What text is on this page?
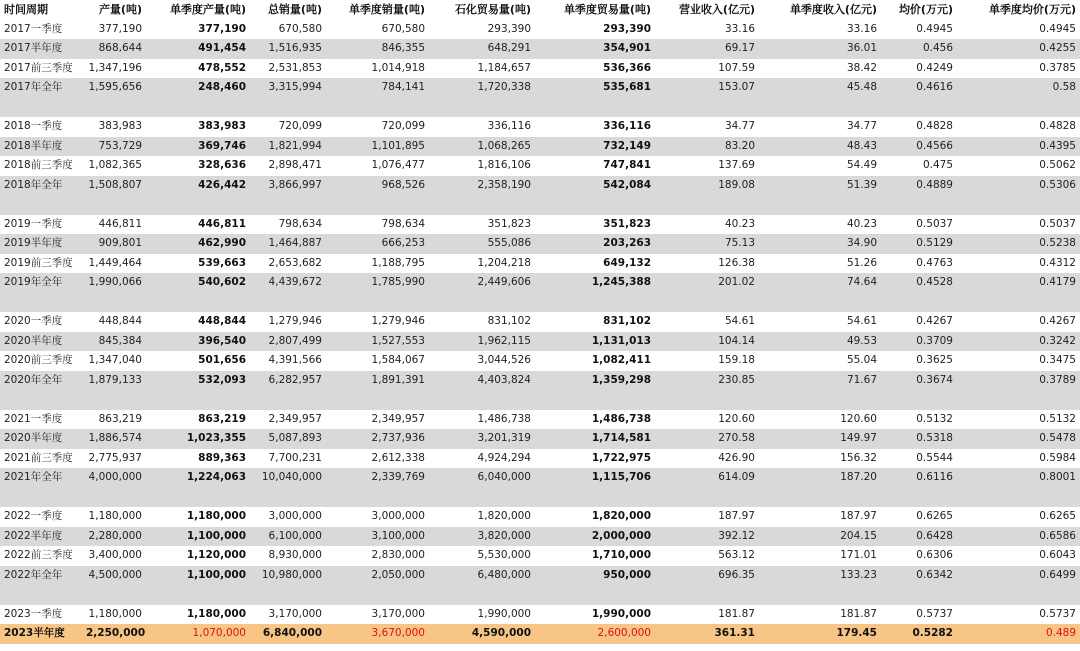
时间周期	产量(吨)	单季度产量(吨)	总销量(吨)	单季度销量(吨)	石化贸易量(吨)	单季度贸易量(吨)	营业收入(亿元)	单季度收入(亿元)	均价(万元)	单季度均价(万元)
2017一季度	377,190	377,190	670,580	670,580	293,390	293,390	33.16	33.16	0.4945	0.4945
2017半年度	868,644	491,454	1,516,935	846,355	648,291	354,901	69.17	36.01	0.456	0.4255
2017前三季度	1,347,196	478,552	2,531,853	1,014,918	1,184,657	536,366	107.59	38.42	0.4249	0.3785
2017年全年	1,595,656	248,460	3,315,994	784,141	1,720,338	535,681	153.07	45.48	0.4616	0.58

2018一季度	383,983	383,983	720,099	720,099	336,116	336,116	34.77	34.77	0.4828	0.4828
2018半年度	753,729	369,746	1,821,994	1,101,895	1,068,265	732,149	83.20	48.43	0.4566	0.4395
2018前三季度	1,082,365	328,636	2,898,471	1,076,477	1,816,106	747,841	137.69	54.49	0.475	0.5062
2018年全年	1,508,807	426,442	3,866,997	968,526	2,358,190	542,084	189.08	51.39	0.4889	0.5306

2019一季度	446,811	446,811	798,634	798,634	351,823	351,823	40.23	40.23	0.5037	0.5037
2019半年度	909,801	462,990	1,464,887	666,253	555,086	203,263	75.13	34.90	0.5129	0.5238
2019前三季度	1,449,464	539,663	2,653,682	1,188,795	1,204,218	649,132	126.38	51.26	0.4763	0.4312
2019年全年	1,990,066	540,602	4,439,672	1,785,990	2,449,606	1,245,388	201.02	74.64	0.4528	0.4179

2020一季度	448,844	448,844	1,279,946	1,279,946	831,102	831,102	54.61	54.61	0.4267	0.4267
2020半年度	845,384	396,540	2,807,499	1,527,553	1,962,115	1,131,013	104.14	49.53	0.3709	0.3242
2020前三季度	1,347,040	501,656	4,391,566	1,584,067	3,044,526	1,082,411	159.18	55.04	0.3625	0.3475
2020年全年	1,879,133	532,093	6,282,957	1,891,391	4,403,824	1,359,298	230.85	71.67	0.3674	0.3789

2021一季度	863,219	863,219	2,349,957	2,349,957	1,486,738	1,486,738	120.60	120.60	0.5132	0.5132
2020半年度	1,886,574	1,023,355	5,087,893	2,737,936	3,201,319	1,714,581	270.58	149.97	0.5318	0.5478
2021前三季度	2,775,937	889,363	7,700,231	2,612,338	4,924,294	1,722,975	426.90	156.32	0.5544	0.5984
2021年全年	4,000,000	1,224,063	10,040,000	2,339,769	6,040,000	1,115,706	614.09	187.20	0.6116	0.8001

2022一季度	1,180,000	1,180,000	3,000,000	3,000,000	1,820,000	1,820,000	187.97	187.97	0.6265	0.6265
2022半年度	2,280,000	1,100,000	6,100,000	3,100,000	3,820,000	2,000,000	392.12	204.15	0.6428	0.6586
2022前三季度	3,400,000	1,120,000	8,930,000	2,830,000	5,530,000	1,710,000	563.12	171.01	0.6306	0.6043
2022年全年	4,500,000	1,100,000	10,980,000	2,050,000	6,480,000	950,000	696.35	133.23	0.6342	0.6499

2023一季度	1,180,000	1,180,000	3,170,000	3,170,000	1,990,000	1,990,000	181.87	181.87	0.5737	0.5737
2023半年度	2,250,000	1,070,000	6,840,000	3,670,000	4,590,000	2,600,000	361.31	179.45	0.5282	0.489
